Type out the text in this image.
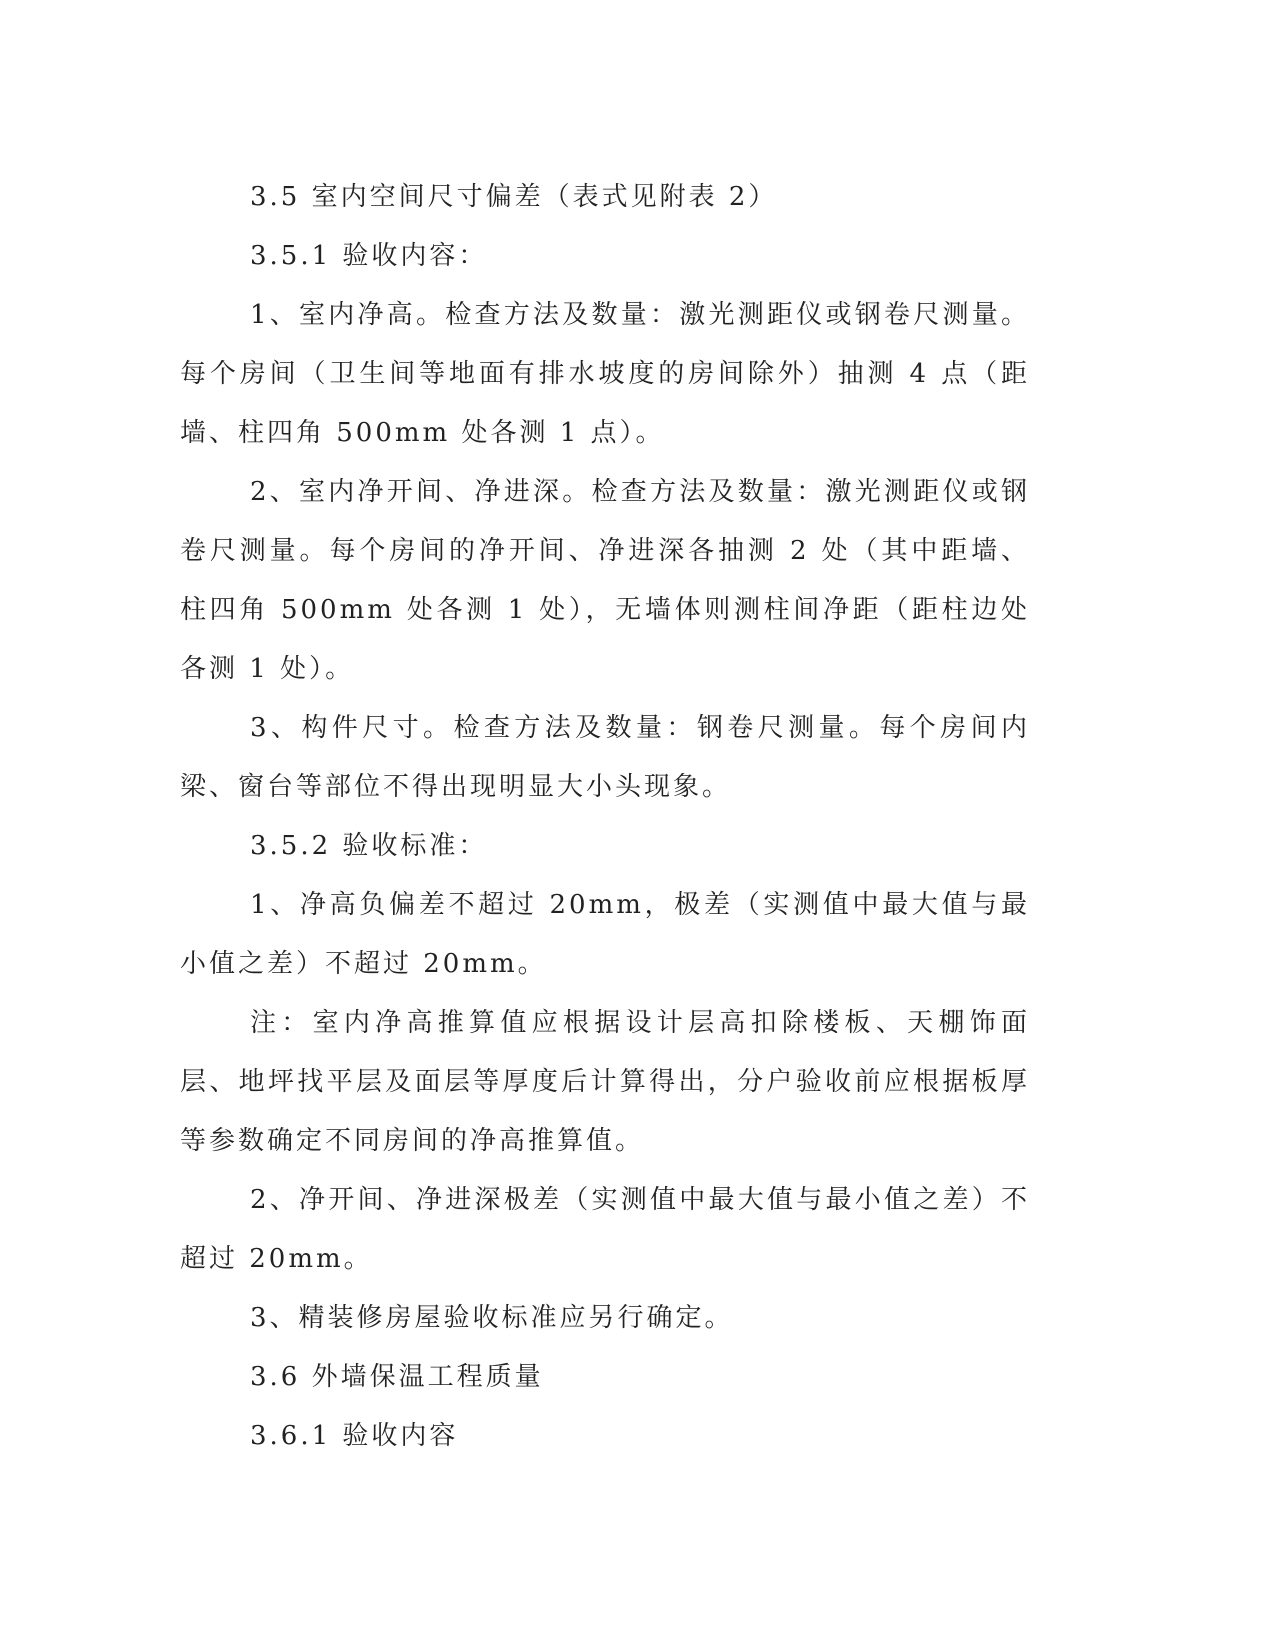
3.5 室内空间尺寸偏差（表式见附表 2）

3.5.1 验收内容：

1、室内净高。检查方法及数量：激光测距仪或钢卷尺测量。每个房间（卫生间等地面有排水坡度的房间除外）抽测 4 点（距墙、柱四角 500mm 处各测 1 点）。

2、室内净开间、净进深。检查方法及数量：激光测距仪或钢卷尺测量。每个房间的净开间、净进深各抽测 2 处（其中距墙、柱四角 500mm 处各测 1 处），无墙体则测柱间净距（距柱边处各测 1 处）。

3、构件尺寸。检查方法及数量：钢卷尺测量。每个房间内梁、窗台等部位不得出现明显大小头现象。

3.5.2 验收标准：

1、净高负偏差不超过 20mm，极差（实测值中最大值与最小值之差）不超过 20mm。

注：室内净高推算值应根据设计层高扣除楼板、天棚饰面层、地坪找平层及面层等厚度后计算得出，分户验收前应根据板厚等参数确定不同房间的净高推算值。

2、净开间、净进深极差（实测值中最大值与最小值之差）不超过 20mm。

3、精装修房屋验收标准应另行确定。

3.6 外墙保温工程质量

3.6.1 验收内容
